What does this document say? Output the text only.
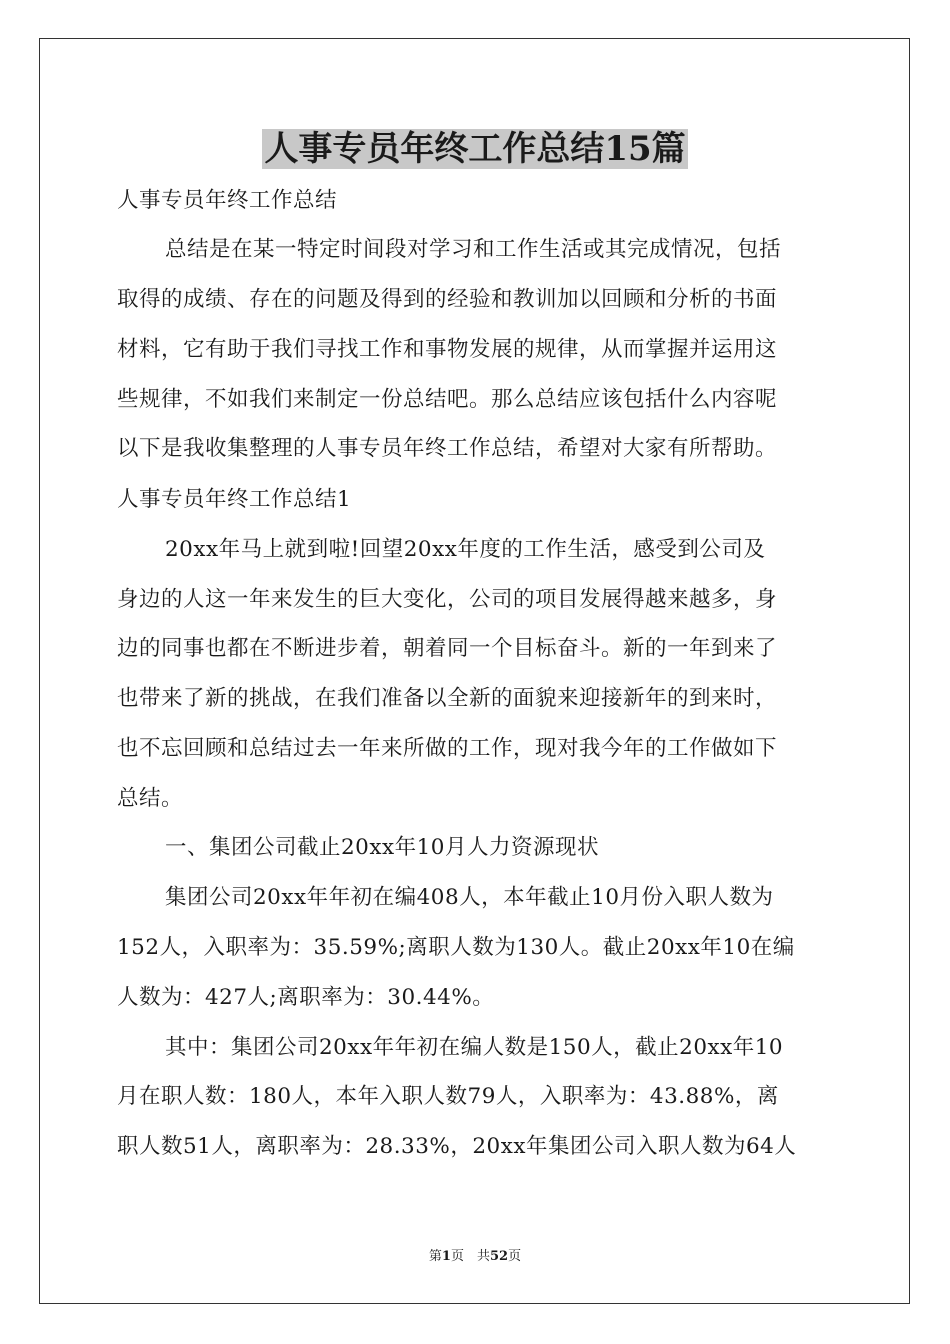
人事专员年终工作总结15篇
人事专员年终工作总结
总结是在某一特定时间段对学习和工作生活或其完成情况，包括
取得的成绩、存在的问题及得到的经验和教训加以回顾和分析的书面
材料，它有助于我们寻找工作和事物发展的规律，从而掌握并运用这
些规律，不如我们来制定一份总结吧。那么总结应该包括什么内容呢
以下是我收集整理的人事专员年终工作总结，希望对大家有所帮助。
人事专员年终工作总结1
20xx年马上就到啦!回望20xx年度的工作生活，感受到公司及
身边的人这一年来发生的巨大变化，公司的项目发展得越来越多，身
边的同事也都在不断进步着，朝着同一个目标奋斗。新的一年到来了
也带来了新的挑战，在我们准备以全新的面貌来迎接新年的到来时，
也不忘回顾和总结过去一年来所做的工作，现对我今年的工作做如下
总结。
一、集团公司截止20xx年10月人力资源现状
集团公司20xx年年初在编408人，本年截止10月份入职人数为
152人，入职率为：35.59%;离职人数为130人。截止20xx年10在编
人数为：427人;离职率为：30.44%。
其中：集团公司20xx年年初在编人数是150人，截止20xx年10
月在职人数：180人，本年入职人数79人，入职率为：43.88%，离
职人数51人，离职率为：28.33%，20xx年集团公司入职人数为64人
第1页　共52页
